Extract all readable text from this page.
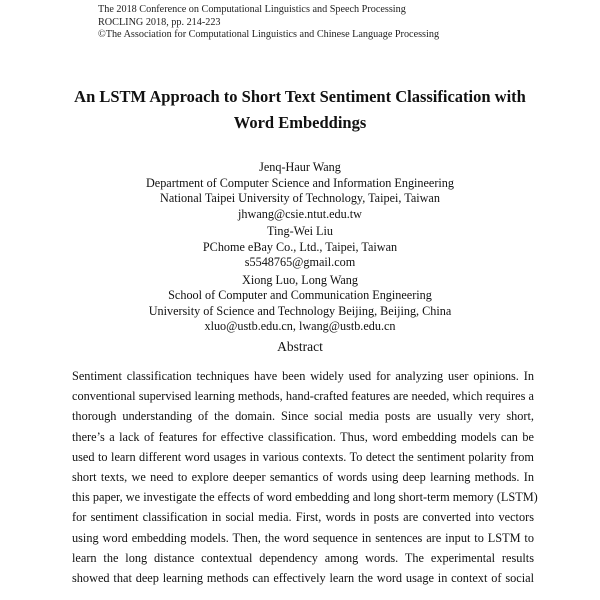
The 2018 Conference on Computational Linguistics and Speech Processing
ROCLING 2018, pp. 214-223
©The Association for Computational Linguistics and Chinese Language Processing
An LSTM Approach to Short Text Sentiment Classification with
Word Embeddings
Jenq-Haur Wang
Department of Computer Science and Information Engineering
National Taipei University of Technology, Taipei, Taiwan
jhwang@csie.ntut.edu.tw
Ting-Wei Liu
PChome eBay Co., Ltd., Taipei, Taiwan
s5548765@gmail.com
Xiong Luo, Long Wang
School of Computer and Communication Engineering
University of Science and Technology Beijing, Beijing, China
xluo@ustb.edu.cn, lwang@ustb.edu.cn
Abstract
Sentiment classification techniques have been widely used for analyzing user opinions. In
conventional supervised learning methods, hand-crafted features are needed, which requires a
thorough understanding of the domain. Since social media posts are usually very short,
there’s a lack of features for effective classification. Thus, word embedding models can be
used to learn different word usages in various contexts. To detect the sentiment polarity from
short texts, we need to explore deeper semantics of words using deep learning methods. In
this paper, we investigate the effects of word embedding and long short-term memory (LSTM)
for sentiment classification in social media. First, words in posts are converted into vectors
using word embedding models. Then, the word sequence in sentences are input to LSTM to
learn the long distance contextual dependency among words. The experimental results
showed that deep learning methods can effectively learn the word usage in context of social
